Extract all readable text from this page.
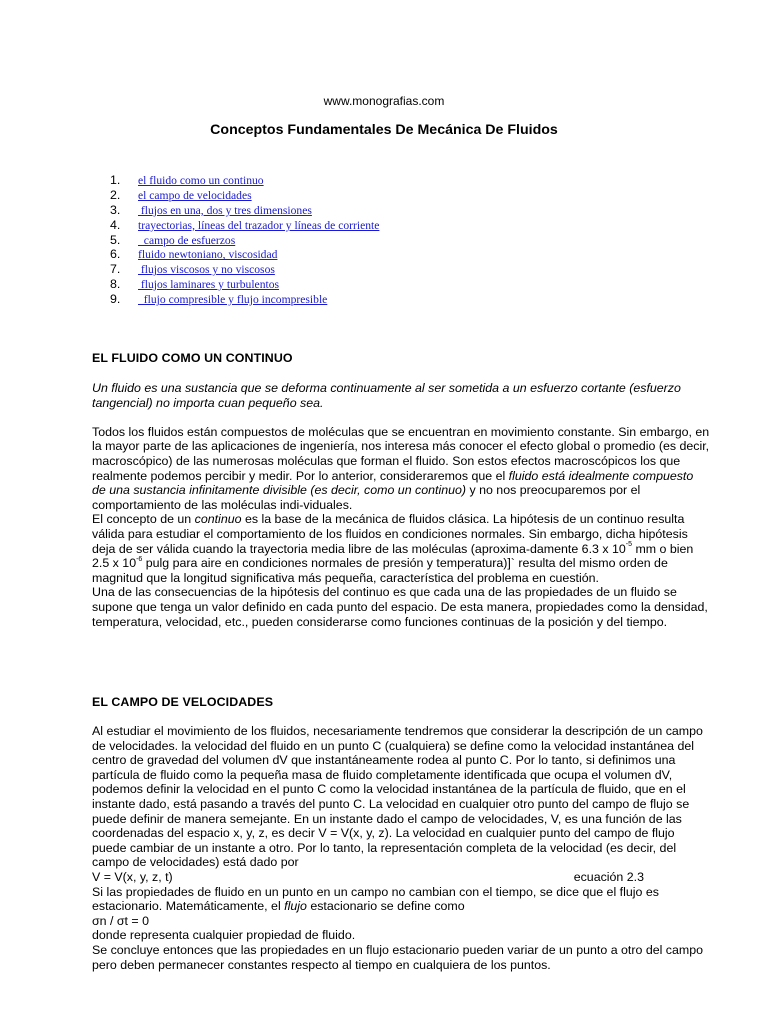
www.monografias.com
Conceptos Fundamentales De Mecánica De Fluidos
1.	el fluido como un continuo
2.	el campo de velocidades
3.	flujos en una, dos y tres dimensiones
4.	trayectorias, líneas del trazador y líneas de corriente
5.	campo de esfuerzos
6.	fluido newtoniano, viscosidad
7.	flujos viscosos y no viscosos
8.	flujos laminares y turbulentos
9.	flujo compresible y flujo incompresible
EL FLUIDO COMO UN CONTINUO

Un fluido es una sustancia que se deforma continuamente al ser sometida a un esfuerzo cortante (esfuerzo tangencial) no importa cuan pequeño sea.

Todos los fluidos están compuestos de moléculas que se encuentran en movimiento constante. Sin embargo, en la mayor parte de las aplicaciones de ingeniería, nos interesa más conocer el efecto global o promedio (es decir, macroscópico) de las numerosas moléculas que forman el fluido. Son estos efectos macroscópicos los que realmente podemos percibir y medir. Por lo anterior, consideraremos que el fluido está idealmente compuesto de una sustancia infinitamente divisible (es decir, como un continuo) y no nos preocuparemos por el comportamiento de las moléculas indi-viduales.

El concepto de un continuo es la base de la mecánica de fluidos clásica. La hipótesis de un continuo resulta válida para estudiar el comportamiento de los fluidos en condiciones normales. Sin embargo, dicha hipótesis deja de ser válida cuando la trayectoria media libre de las moléculas (aproxima-damente 6.3 x $10^{-5}$ mm o bien 2.5 x $10^{-6}$ pulg para aire en condiciones normales de presión y temperatura)]` resulta del mismo orden de magnitud que la longitud significativa más pequeña, característica del problema en cuestión.

Una de las consecuencias de la hipótesis del continuo es que cada una de las propiedades de un fluido se supone que tenga un valor definido en cada punto del espacio. De esta manera, propiedades como la densidad, temperatura, velocidad, etc., pueden considerarse como funciones continuas de la posición y del tiempo.

EL CAMPO DE VELOCIDADES

Al estudiar el movimiento de los fluidos, necesariamente tendremos que considerar la descripción de un campo de velocidades. la velocidad del fluido en un punto C (cualquiera) se define como la velocidad instantánea del centro de gravedad del volumen dV que instantáneamente rodea al punto C. Por lo tanto, si definimos una partícula de fluido como la pequeña masa de fluido completamente identificada que ocupa el volumen dV, podemos definir la velocidad en el punto C como la velocidad instantánea de la partícula de fluido, que en el instante dado, está pasando a través del punto C. La velocidad en cualquier otro punto del campo de flujo se puede definir de manera semejante. En un instante dado el campo de velocidades, V, es una función de las coordenadas del espacio x, y, z, es decir V = V(x, y, z). La velocidad en cualquier punto del campo de flujo puede cambiar de un instante a otro. Por lo tanto, la representación completa de la velocidad (es decir, del campo de velocidades) está dado por

V = V(x, y, z, t)	ecuación 2.3

Si las propiedades de fluido en un punto en un campo no cambian con el tiempo, se dice que el flujo es estacionario. Matemáticamente, el flujo estacionario se define como

σn / σt = 0

donde representa cualquier propiedad de fluido.

Se concluye entonces que las propiedades en un flujo estacionario pueden variar de un punto a otro del campo pero deben permanecer constantes respecto al tiempo en cualquiera de los puntos.
